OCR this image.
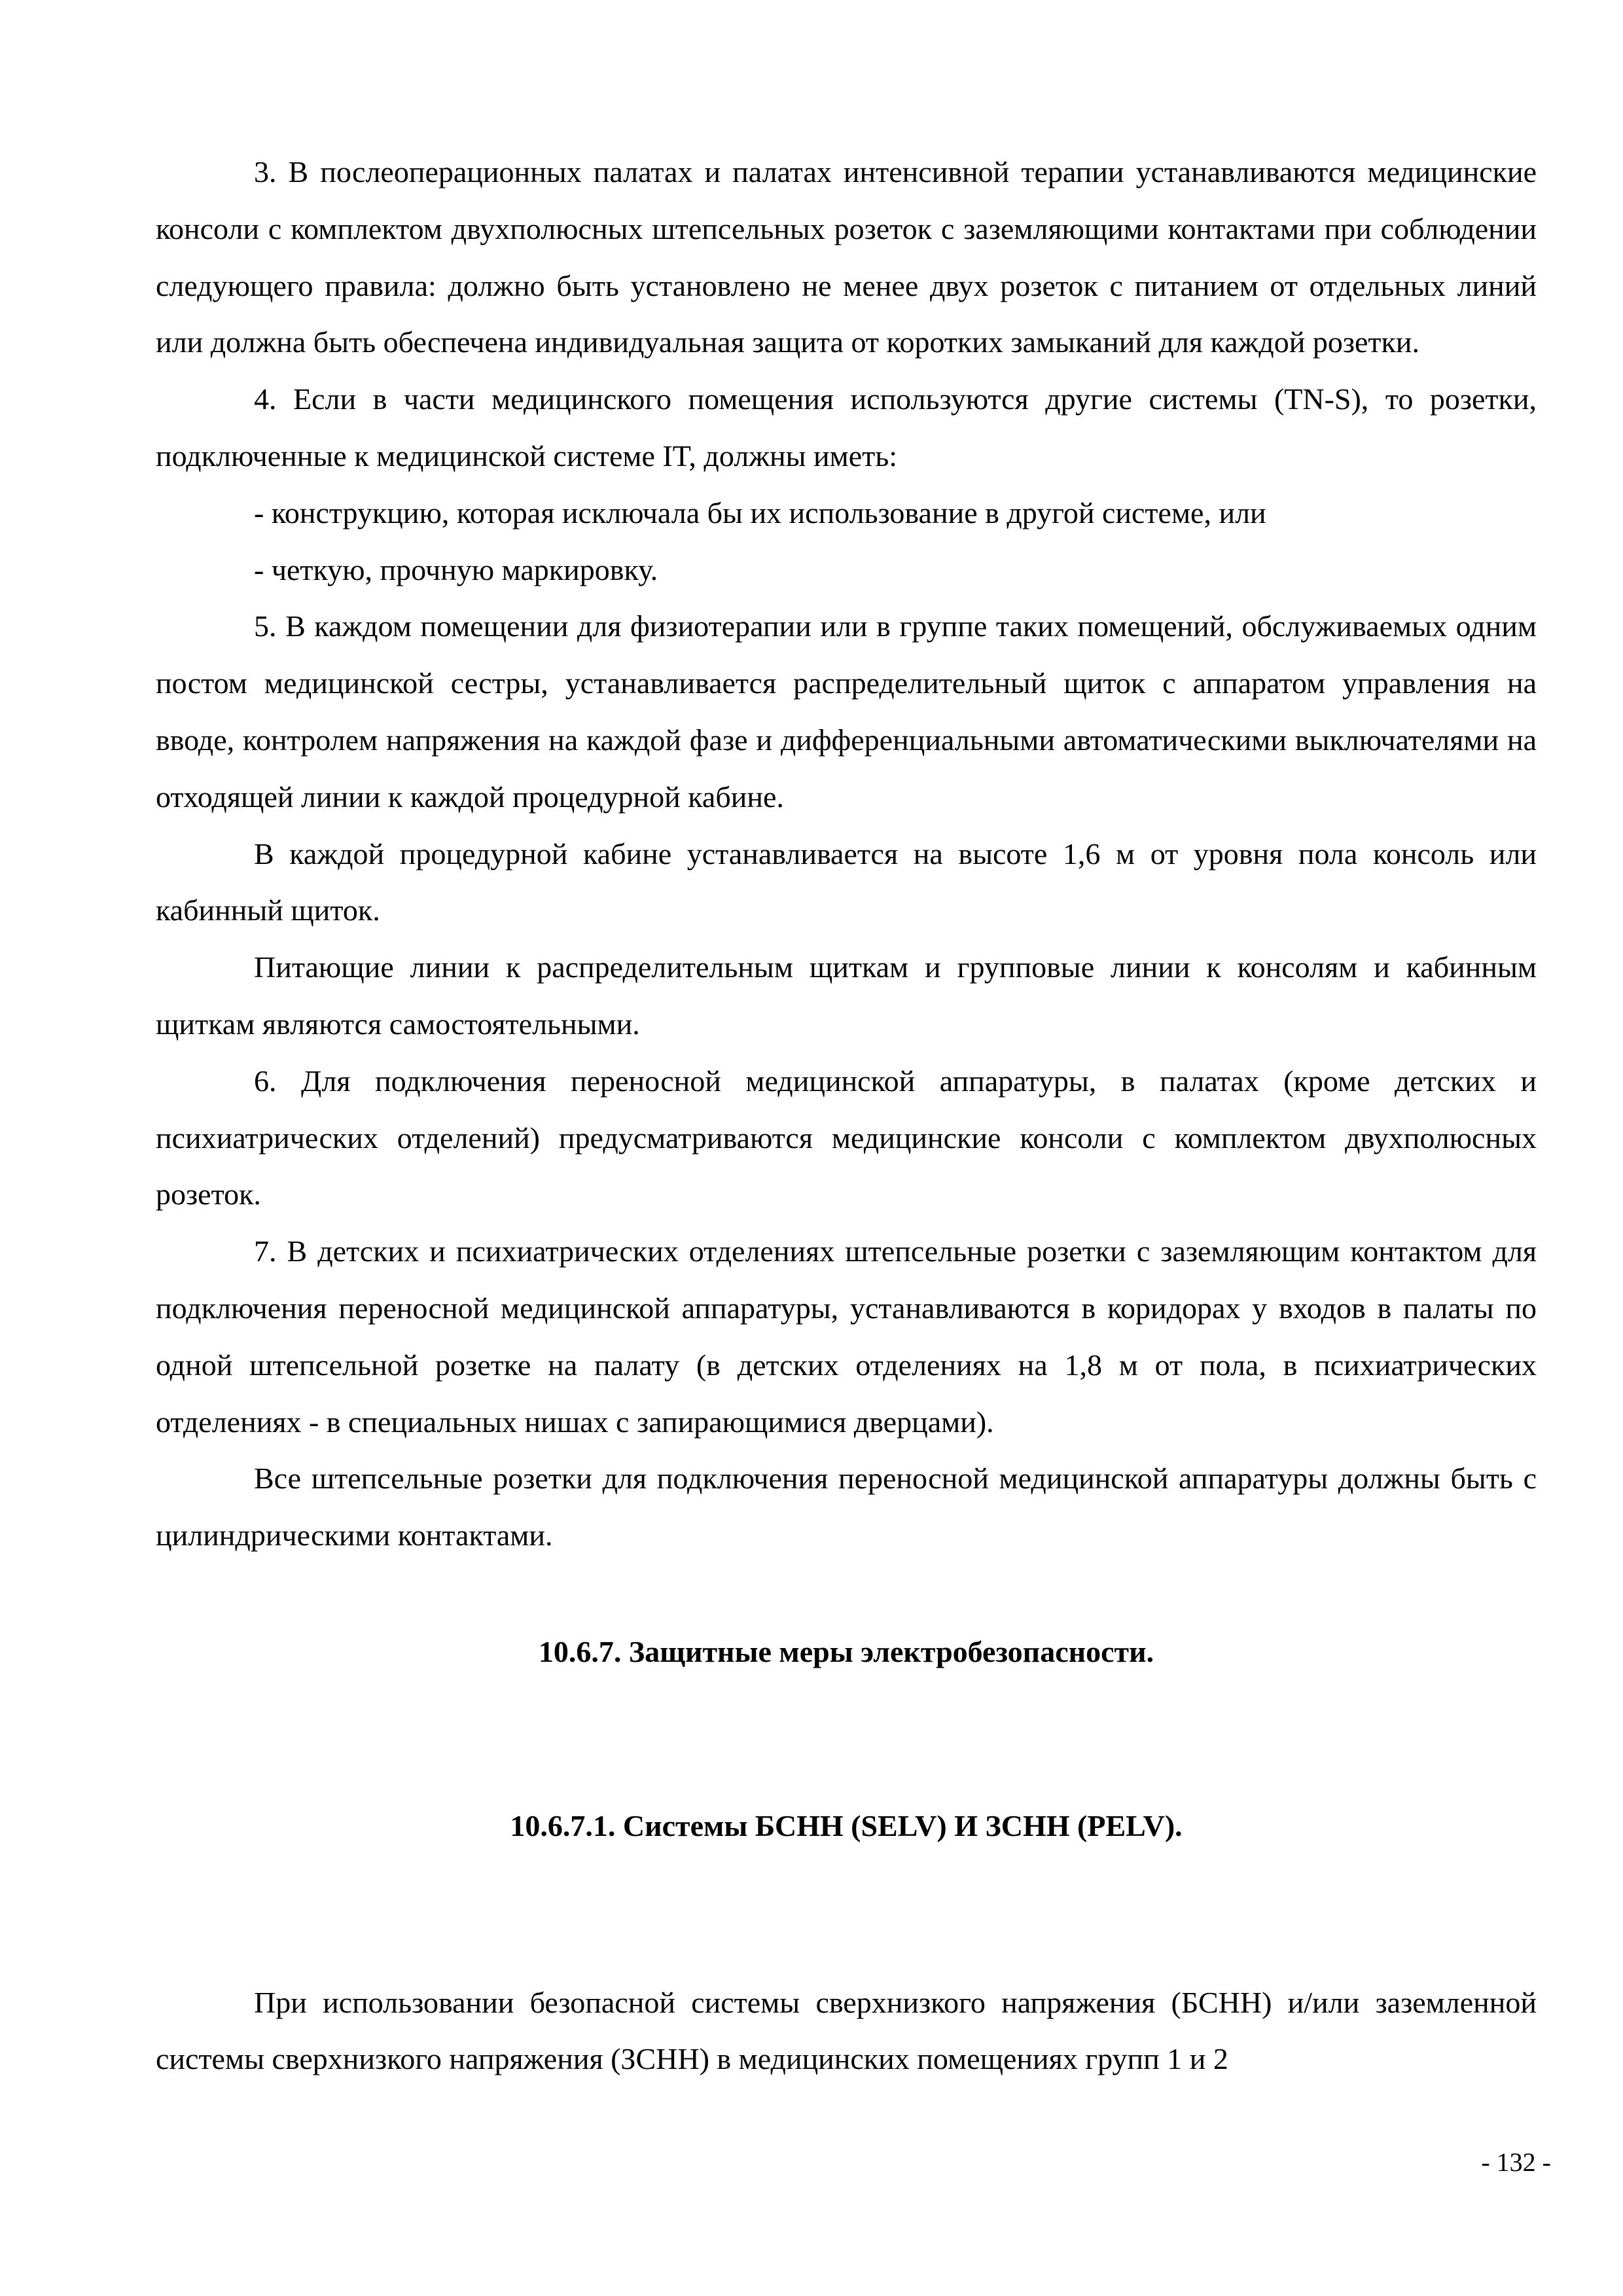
3. В послеоперационных палатах и палатах интенсивной терапии устанавливаются медицинские консоли с комплектом двухполюсных штепсельных розеток с заземляющими контактами при соблюдении следующего правила: должно быть установлено не менее двух розеток с питанием от отдельных линий или должна быть обеспечена индивидуальная защита от коротких замыканий для каждой розетки.

4. Если в части медицинского помещения используются другие системы (TN-S), то розетки, подключенные к медицинской системе IT, должны иметь:

- конструкцию, которая исключала бы их использование в другой системе, или

- четкую, прочную маркировку.

5. В каждом помещении для физиотерапии или в группе таких помещений, обслуживаемых одним постом медицинской сестры, устанавливается распределительный щиток с аппаратом управления на вводе, контролем напряжения на каждой фазе и дифференциальными автоматическими выключателями на отходящей линии к каждой процедурной кабине.

В каждой процедурной кабине устанавливается на высоте 1,6 м от уровня пола консоль или кабинный щиток.

Питающие линии к распределительным щиткам и групповые линии к консолям и кабинным щиткам являются самостоятельными.

6. Для подключения переносной медицинской аппаратуры, в палатах (кроме детских и психиатрических отделений) предусматриваются медицинские консоли с комплектом двухполюсных розеток.

7. В детских и психиатрических отделениях штепсельные розетки с заземляющим контактом для подключения переносной медицинской аппаратуры, устанавливаются в коридорах у входов в палаты по одной штепсельной розетке на палату (в детских отделениях на 1,8 м от пола, в психиатрических отделениях - в специальных нишах с запирающимися дверцами).

Все штепсельные розетки для подключения переносной медицинской аппаратуры должны быть с цилиндрическими контактами.

10.6.7. Защитные меры электробезопасности.

10.6.7.1. Системы БСНН (SELV) И ЗСНН (PELV).

При использовании безопасной системы сверхнизкого напряжения (БСНН) и/или заземленной системы сверхнизкого напряжения (ЗСНН) в медицинских помещениях групп 1 и 2

- 132 -
